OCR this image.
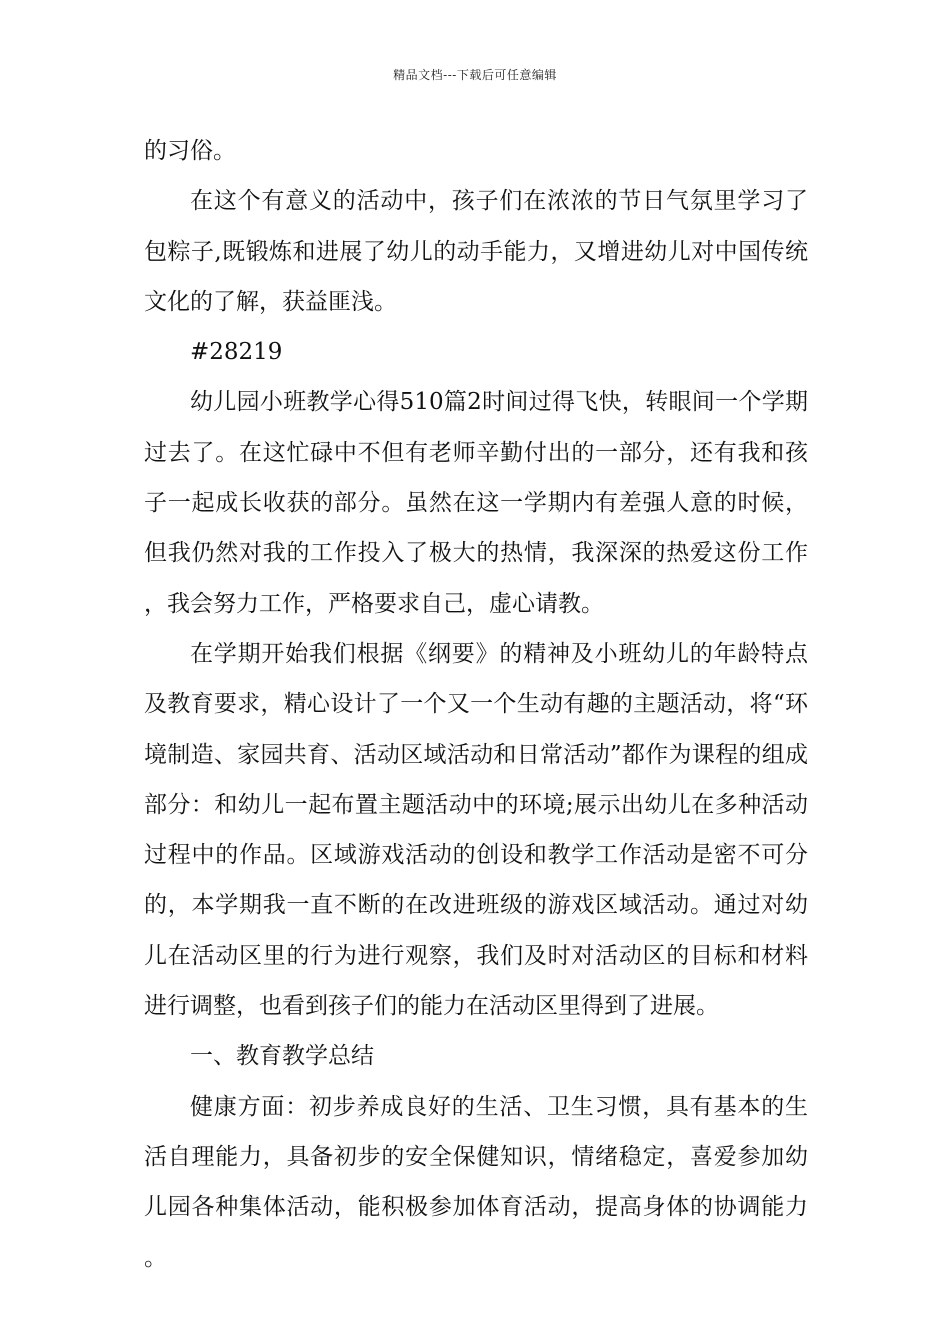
精品文档---下载后可任意编辑

的习俗。

在这个有意义的活动中，孩子们在浓浓的节日气氛里学习了包粽子,既锻炼和进展了幼儿的动手能力，又增进幼儿对中国传统文化的了解，获益匪浅。

#28219

幼儿园小班教学心得510篇2时间过得飞快，转眼间一个学期过去了。在这忙碌中不但有老师辛勤付出的一部分，还有我和孩子一起成长收获的部分。虽然在这一学期内有差强人意的时候，但我仍然对我的工作投入了极大的热情，我深深的热爱这份工作，我会努力工作，严格要求自己，虚心请教。

在学期开始我们根据《纲要》的精神及小班幼儿的年龄特点及教育要求，精心设计了一个又一个生动有趣的主题活动，将“环境制造、家园共育、活动区域活动和日常活动”都作为课程的组成部分：和幼儿一起布置主题活动中的环境;展示出幼儿在多种活动过程中的作品。区域游戏活动的创设和教学工作活动是密不可分的，本学期我一直不断的在改进班级的游戏区域活动。通过对幼儿在活动区里的行为进行观察，我们及时对活动区的目标和材料进行调整，也看到孩子们的能力在活动区里得到了进展。

一、教育教学总结

健康方面：初步养成良好的生活、卫生习惯，具有基本的生活自理能力，具备初步的安全保健知识，情绪稳定，喜爱参加幼儿园各种集体活动，能积极参加体育活动，提高身体的协调能力。
